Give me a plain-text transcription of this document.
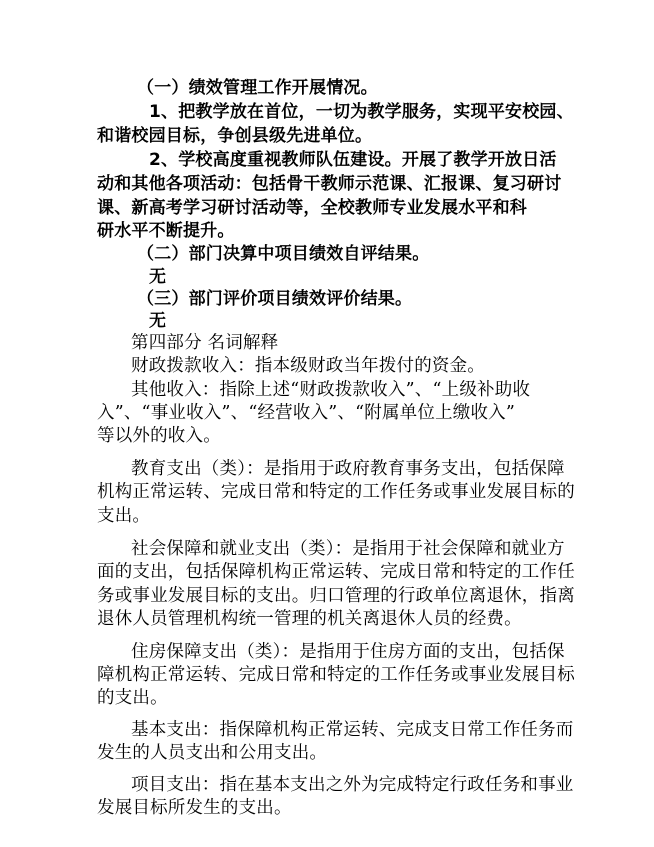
（一）绩效管理工作开展情况。
1、把教学放在首位，一切为教学服务，实现平安校园、
和谐校园目标，争创县级先进单位。
2、学校高度重视教师队伍建设。开展了教学开放日活
动和其他各项活动：包括骨干教师示范课、汇报课、复习研讨
课、新高考学习研讨活动等，全校教师专业发展水平和科
研水平不断提升。
（二）部门决算中项目绩效自评结果。
无
（三）部门评价项目绩效评价结果。
无
第四部分 名词解释
财政拨款收入：指本级财政当年拨付的资金。
其他收入：指除上述“财政拨款收入”、“上级补助收
入”、“事业收入”、“经营收入”、“附属单位上缴收入”
等以外的收入。
教育支出（类）：是指用于政府教育事务支出，包括保障
机构正常运转、完成日常和特定的工作任务或事业发展目标的
支出。
社会保障和就业支出（类）：是指用于社会保障和就业方
面的支出，包括保障机构正常运转、完成日常和特定的工作任
务或事业发展目标的支出。归口管理的行政单位离退休，指离
退休人员管理机构统一管理的机关离退休人员的经费。
住房保障支出（类）：是指用于住房方面的支出，包括保
障机构正常运转、完成日常和特定的工作任务或事业发展目标
的支出。
基本支出：指保障机构正常运转、完成支日常工作任务而
发生的人员支出和公用支出。
项目支出：指在基本支出之外为完成特定行政任务和事业
发展目标所发生的支出。
